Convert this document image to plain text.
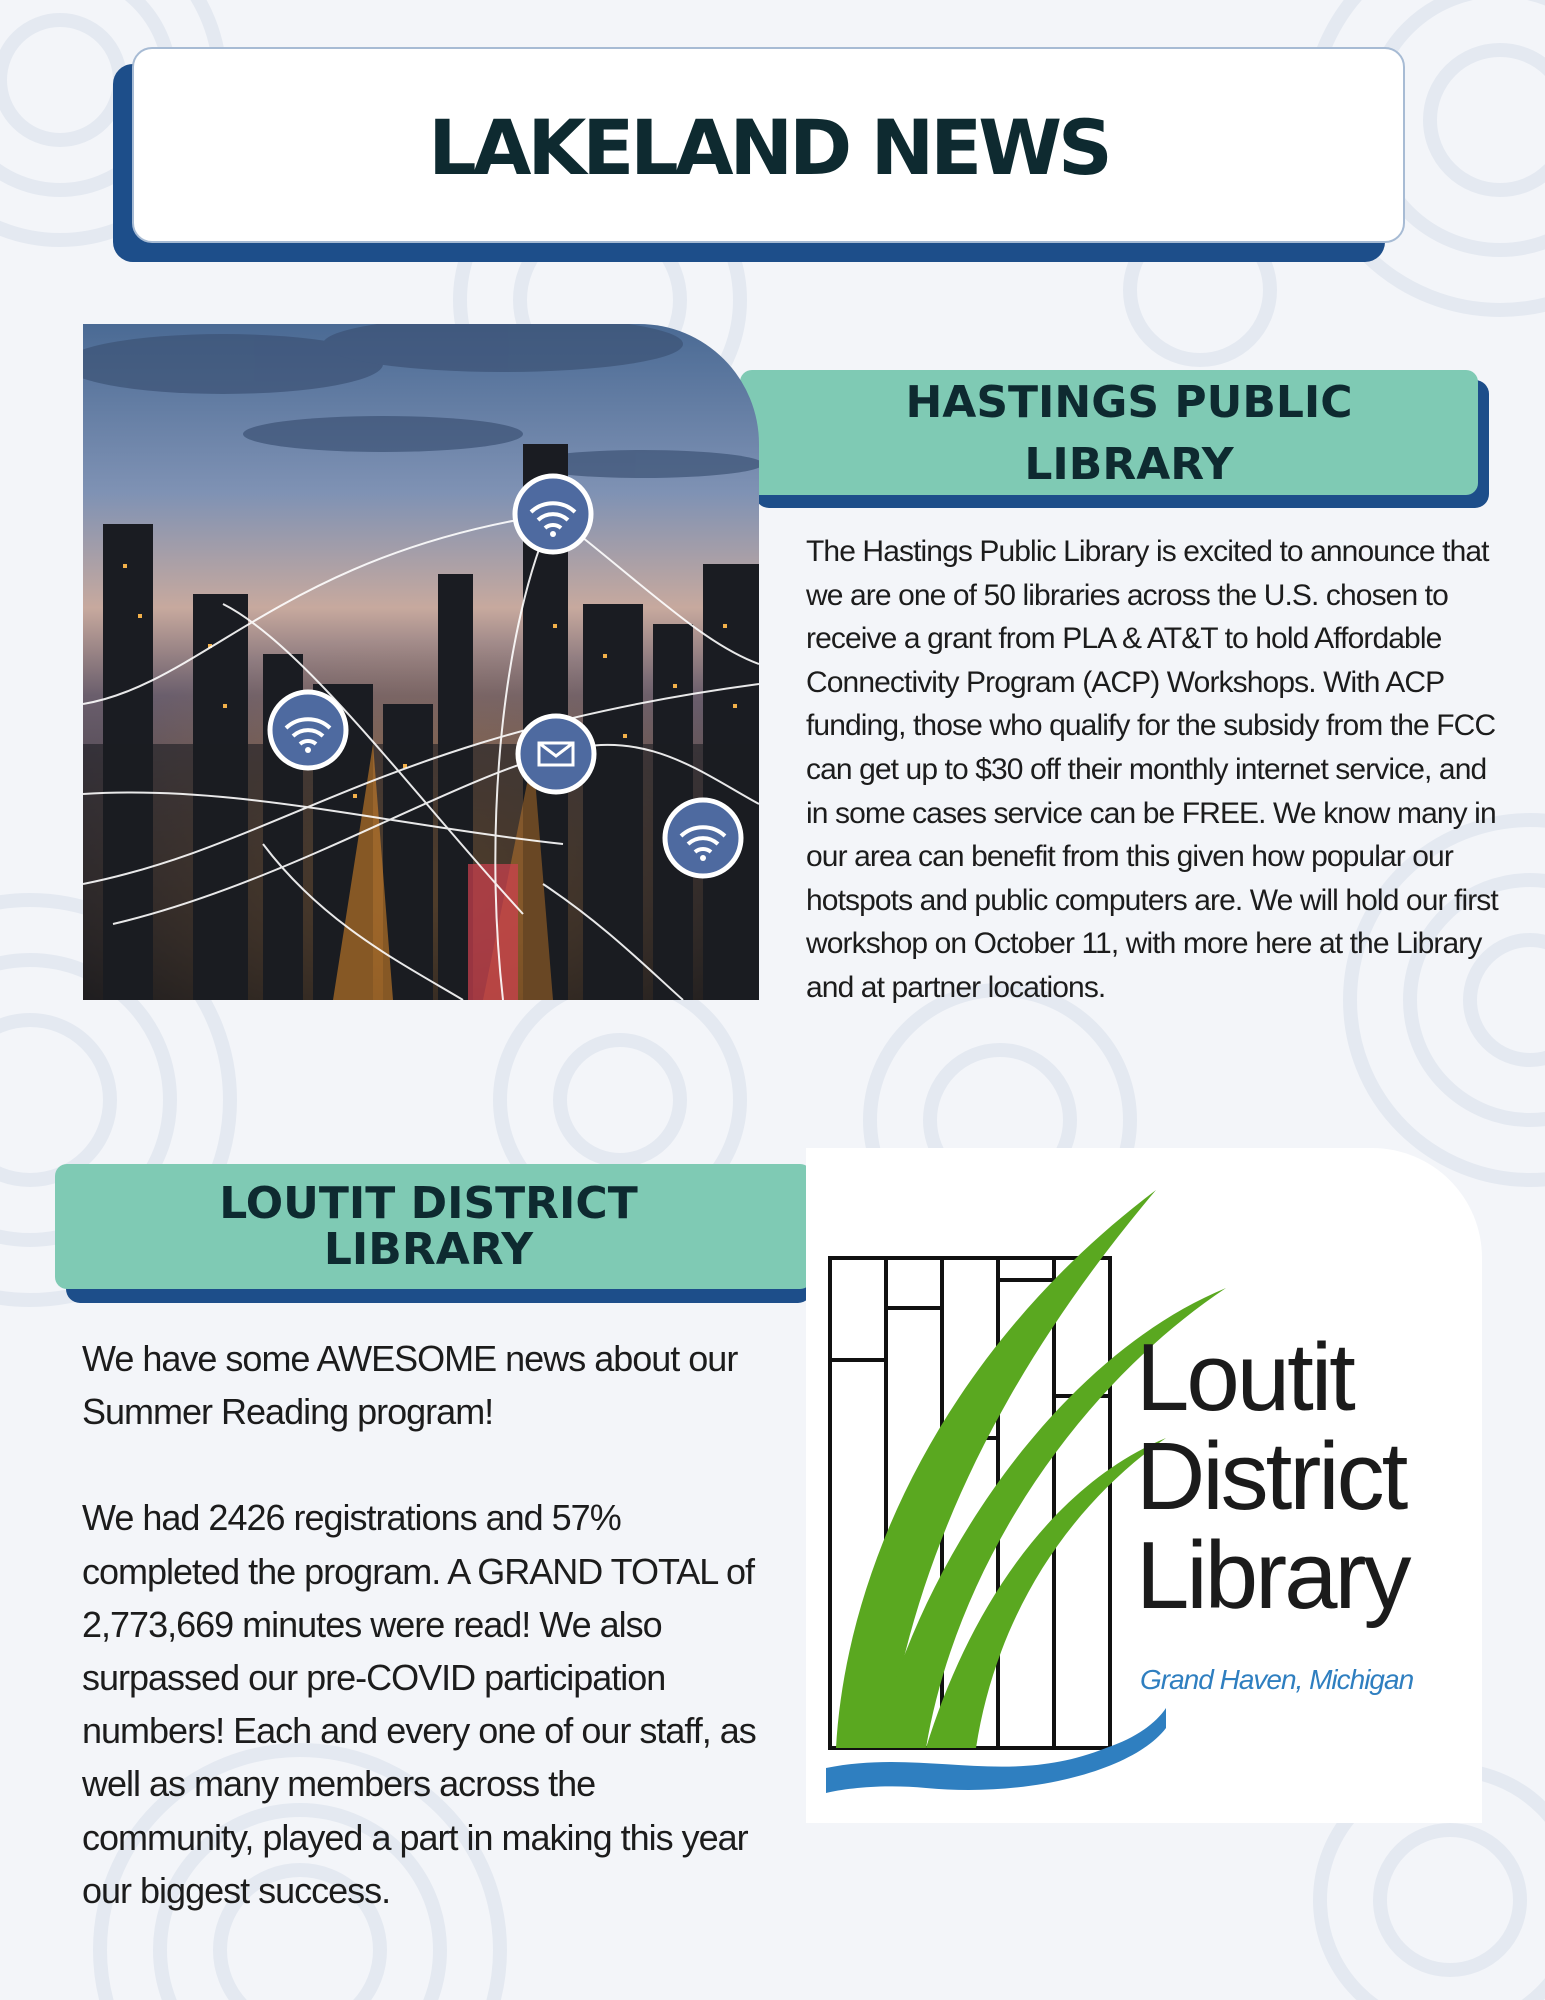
LAKELAND NEWS
HASTINGS PUBLIC
LIBRARY

The Hastings Public Library is excited to announce that we are one of 50 libraries across the U.S. chosen to receive a grant from PLA & AT&T to hold Affordable Connectivity Program (ACP) Workshops. With ACP funding, those who qualify for the subsidy from the FCC can get up to $30 off their monthly internet service, and in some cases service can be FREE. We know many in our area can benefit from this given how popular our hotspots and public computers are. We will hold our first workshop on October 11, with more here at the Library and at partner locations.

LOUTIT DISTRICT
LIBRARY

We have some AWESOME news about our Summer Reading program!

We had 2426 registrations and 57% completed the program. A GRAND TOTAL of 2,773,669 minutes were read! We also surpassed our pre-COVID participation numbers! Each and every one of our staff, as well as many members across the community, played a part in making this year our biggest success.

Loutit
District
Library

Grand Haven, Michigan
